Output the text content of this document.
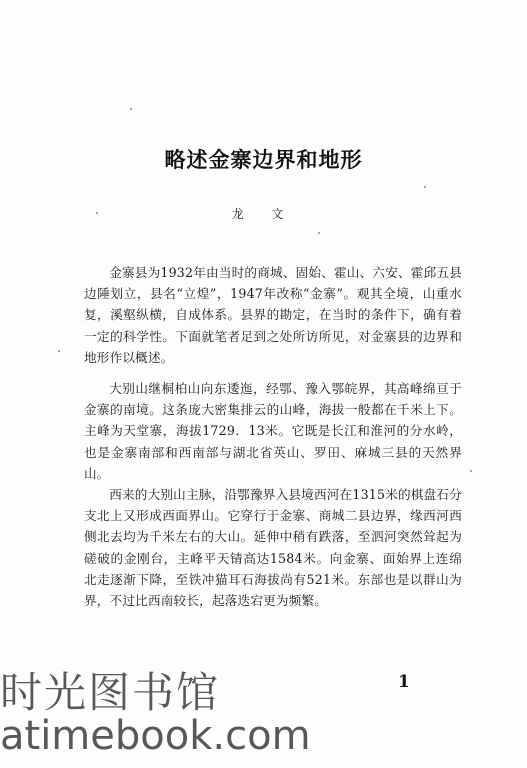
略述金寨边界和地形
龙 文

金寨县为1932年由当时的商城、固始、霍山、六安、霍邱五县边陲划立，县名“立煌”，1947年改称“金寨”。观其全境，山重水复，溪壑纵横，自成体系。县界的勘定，在当时的条件下，确有着一定的科学性。下面就笔者足到之处所访所见，对金寨县的边界和地形作以概述。

大别山继桐柏山向东逶迤，经鄂、豫入鄂皖界，其高峰绵亘于金寨的南境。这条庞大密集排云的山峰，海拔一般都在千米上下。主峰为天堂寨，海拔1729．13米。它既是长江和淮河的分水岭，也是金寨南部和西南部与湖北省英山、罗田、麻城三县的天然界山。

西来的大别山主脉，沿鄂豫界入县境西河在1315米的棋盘石分支北上又形成西面界山。它穿行于金寨、商城二县边界，缘西河西侧北去均为千米左右的大山。延伸中稍有跌落，至泗河突然耸起为磋破的金刚台，主峰平天锖高达1584米。向金寨、面始界上连绵北走逐渐下降，至铁冲猫耳石海拔尚有521米。东部也是以群山为界，不过比西南较长，起落迭宕更为频繁。

1
时光图书馆
atimebook.com
